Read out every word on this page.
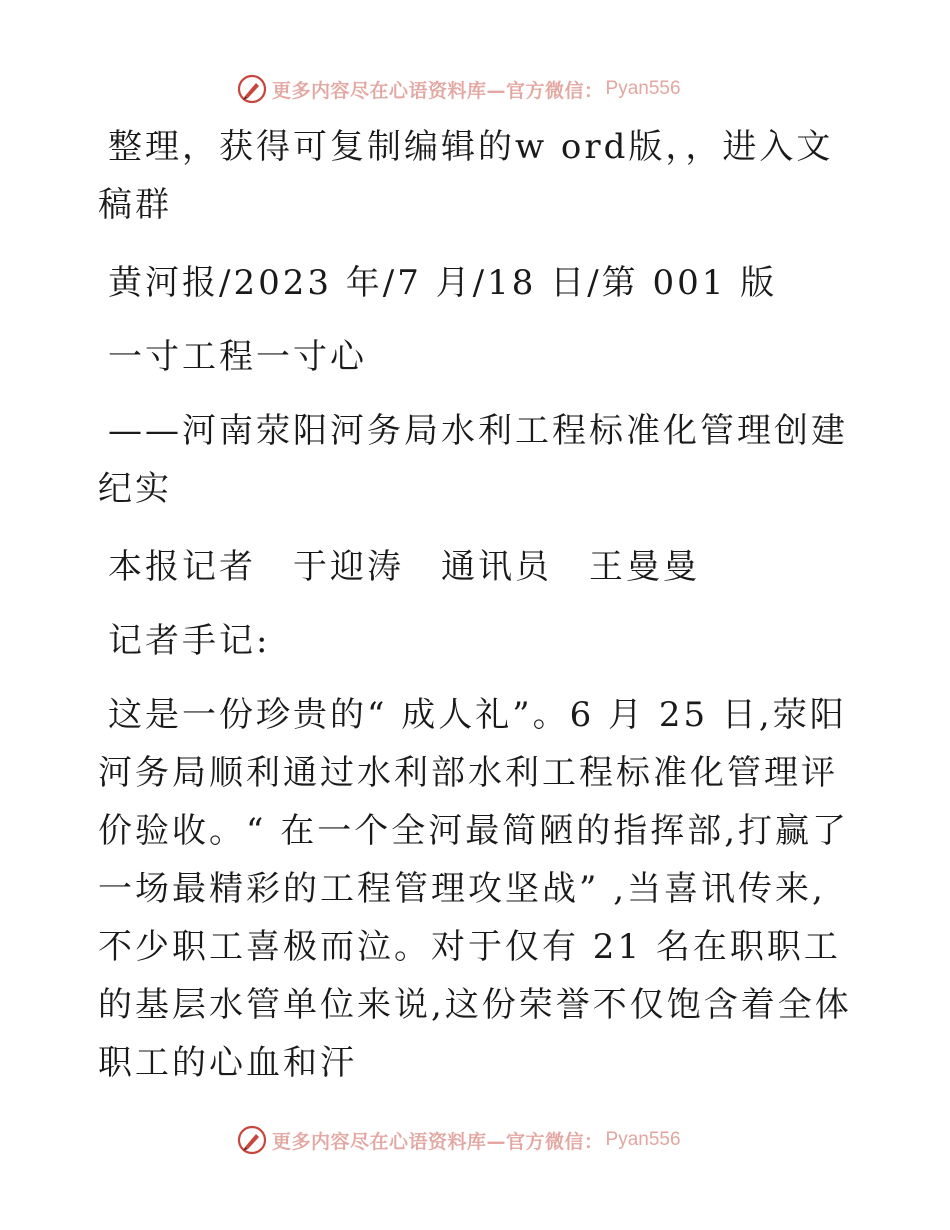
更多内容尽在心语资料库—官方微信： Pyan556

整理，获得可复制编辑的w ord版，，进入文稿群

黄河报/2023 年/7 月/18 日/第 001 版

一寸工程一寸心

——河南荥阳河务局水利工程标准化管理创建纪实

本报记者　于迎涛　通讯员　王曼曼

记者手记:

这是一份珍贵的“ 成人礼”。6 月 25 日,荥阳河务局顺利通过水利部水利工程标准化管理评价验收。“ 在一个全河最简陋的指挥部,打赢了一场最精彩的工程管理攻坚战” ,当喜讯传来,不少职工喜极而泣。对于仅有 21 名在职职工的基层水管单位来说,这份荣誉不仅饱含着全体职工的心血和汗

更多内容尽在心语资料库—官方微信： Pyan556
